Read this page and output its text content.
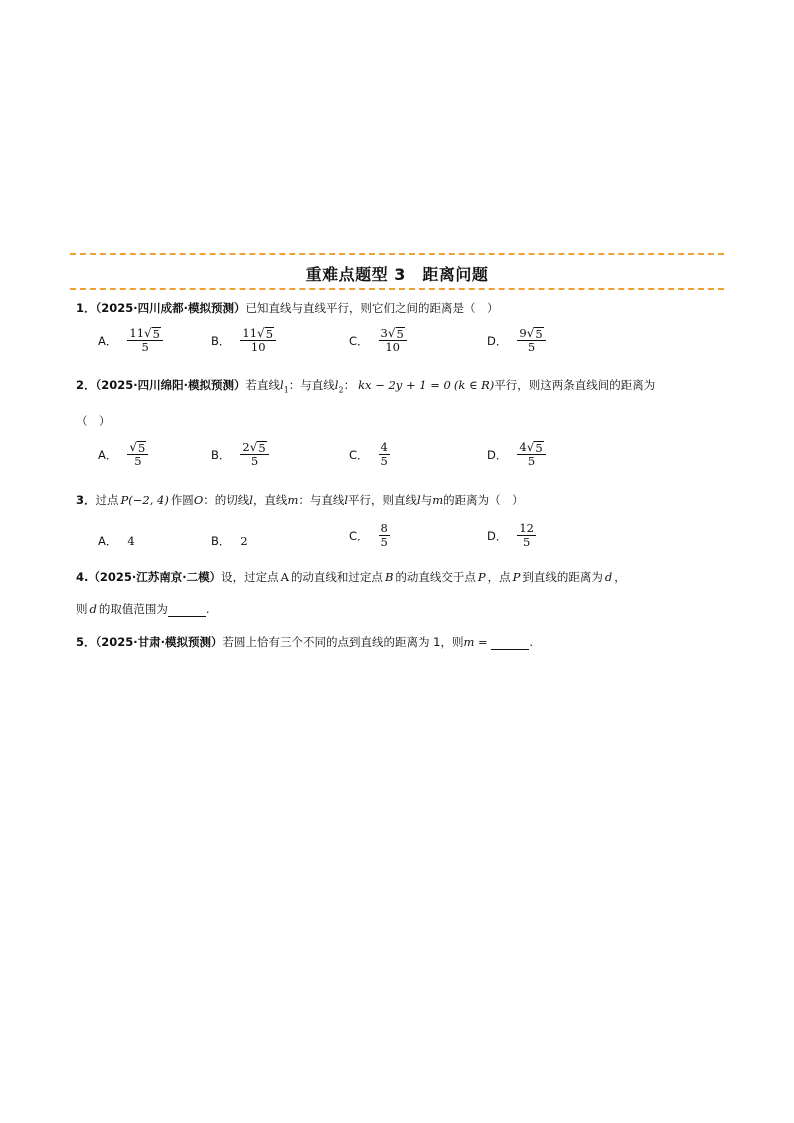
重难点题型 3　距离问题
1．（2025·四川成都·模拟预测）已知直线与直线平行，则它们之间的距离是（　）
A． $\frac{11 √ 5}{5}$	B． $\frac{11 √ 5}{10}$	C． $\frac{3 √ 5}{10}$	D． $\frac{9 √ 5}{5}$
2．（2025·四川绵阳·模拟预测）若直线$l_1$：与直线$l_2$： kx − 2y + 1 = 0 (k ∈ R)平行，则这两条直线间的距离为
（　）
A． $\frac{√ 5}{5}$	B． $\frac{2 √ 5}{5}$	C． $\frac{4}{5}$	D． $\frac{4 √ 5}{5}$
3．过点 P(−2, 4) 作圆O：的切线l，直线m：与直线l平行，则直线l与m的距离为（　）
A． 4	B． 2	C． $\frac{8}{5}$	D． $\frac{12}{5}$
4.（2025·江苏南京·二模）设，过定点 A 的动直线和过定点 B 的动直线交于点 P ，点 P 到直线的距离为 d ，
则 d 的取值范围为	.
5．（2025·甘肃·模拟预测）若圆上恰有三个不同的点到直线的距离为 1，则m =	.
